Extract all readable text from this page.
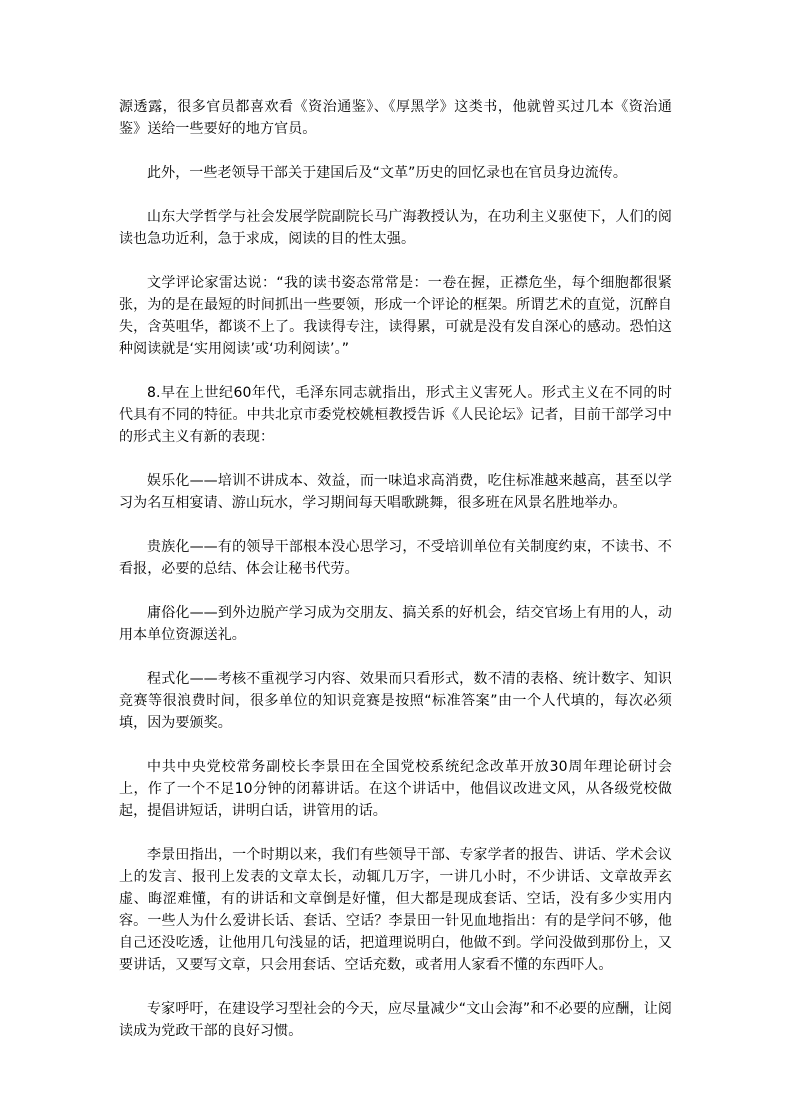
源透露，很多官员都喜欢看《资治通鉴》、《厚黑学》这类书，他就曾买过几本《资治通鉴》送给一些要好的地方官员。

此外，一些老领导干部关于建国后及“文革”历史的回忆录也在官员身边流传。

山东大学哲学与社会发展学院副院长马广海教授认为，在功利主义驱使下，人们的阅读也急功近利，急于求成，阅读的目的性太强。

文学评论家雷达说：“我的读书姿态常常是：一卷在握，正襟危坐，每个细胞都很紧张，为的是在最短的时间抓出一些要领，形成一个评论的框架。所谓艺术的直觉，沉醉自失，含英咀华，都谈不上了。我读得专注，读得累，可就是没有发自深心的感动。恐怕这种阅读就是‘实用阅读’或‘功利阅读’。”

8.早在上世纪60年代，毛泽东同志就指出，形式主义害死人。形式主义在不同的时代具有不同的特征。中共北京市委党校姚桓教授告诉《人民论坛》记者，目前干部学习中的形式主义有新的表现：

娱乐化——培训不讲成本、效益，而一味追求高消费，吃住标准越来越高，甚至以学习为名互相宴请、游山玩水，学习期间每天唱歌跳舞，很多班在风景名胜地举办。

贵族化——有的领导干部根本没心思学习，不受培训单位有关制度约束，不读书、不看报，必要的总结、体会让秘书代劳。

庸俗化——到外边脱产学习成为交朋友、搞关系的好机会，结交官场上有用的人，动用本单位资源送礼。

程式化——考核不重视学习内容、效果而只看形式，数不清的表格、统计数字、知识竞赛等很浪费时间，很多单位的知识竞赛是按照“标准答案”由一个人代填的，每次必须填，因为要颁奖。

中共中央党校常务副校长李景田在全国党校系统纪念改革开放30周年理论研讨会上，作了一个不足10分钟的闭幕讲话。在这个讲话中，他倡议改进文风，从各级党校做起，提倡讲短话，讲明白话，讲管用的话。

李景田指出，一个时期以来，我们有些领导干部、专家学者的报告、讲话、学术会议上的发言、报刊上发表的文章太长，动辄几万字，一讲几小时，不少讲话、文章故弄玄虚、晦涩难懂，有的讲话和文章倒是好懂，但大都是现成套话、空话，没有多少实用内容。一些人为什么爱讲长话、套话、空话？李景田一针见血地指出：有的是学问不够，他自己还没吃透，让他用几句浅显的话，把道理说明白，他做不到。学问没做到那份上，又要讲话，又要写文章，只会用套话、空话充数，或者用人家看不懂的东西吓人。

专家呼吁，在建设学习型社会的今天，应尽量减少“文山会海”和不必要的应酬，让阅读成为党政干部的良好习惯。
